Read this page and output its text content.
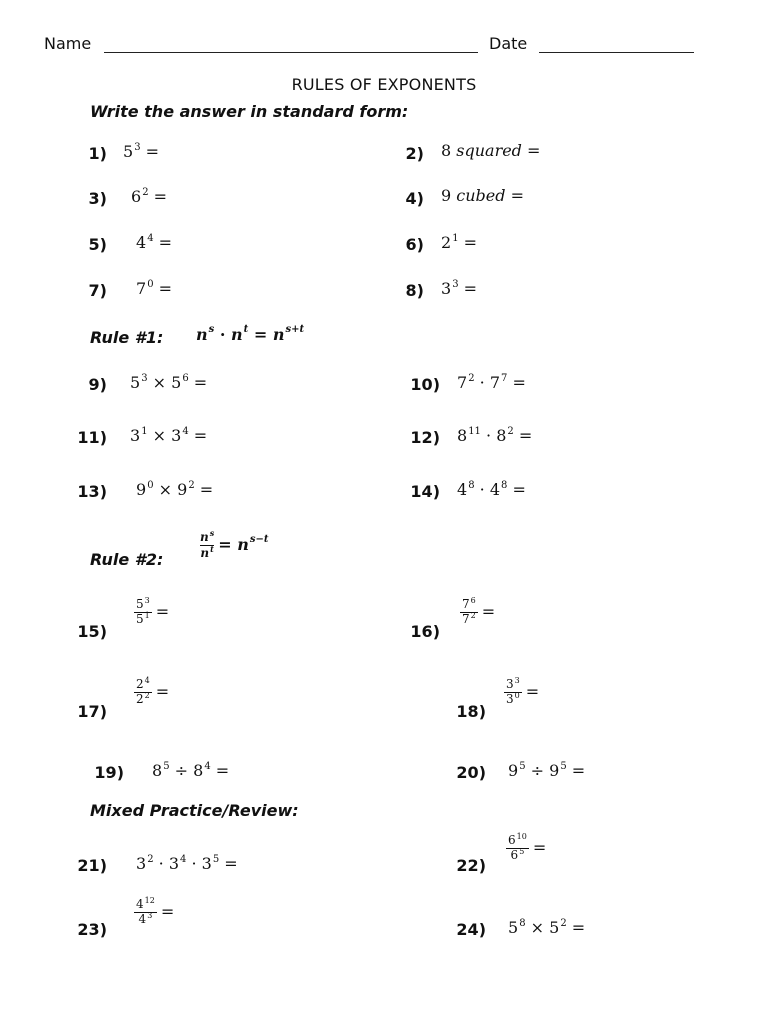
Name	Date
RULES OF EXPONENTS
Write the answer in standard form:
1) $5^3$ =	2) 8 squared =
3) $6^2$ =	4) 9 cubed =
5) $4^4$ =	6) $2^1$ =
7) $7^0$ =	8) $3^3$ =
Rule #1: $n^s \cdot n^t = n^{s+t}$
9) $5^3 \times 5^6$ =	10) $7^2 \cdot 7^7$ =
11) $3^1 \times 3^4$ =	12) $8^{11} \cdot 8^2$ =
13) $9^0 \times 9^2$ =	14) $4^8 \cdot 4^8$ =
Rule #2:	$\frac{n^s}{n^t} = n^{s-t}$
15)
$\frac{5^3}{5^1}$ =
16)
$\frac{7^6}{7^2}$ =
17)
$\frac{2^4}{2^2}$ =
18)
$\frac{3^3}{3^0}$ =
19) $8^5 \div 8^4$ =	20) $9^5 \div 9^5$ =
Mixed Practice/Review:
21) $3^2 \cdot 3^4 \cdot 3^5$ =	22)
$\frac{6^{10}}{6^5}$ =
23)
$\frac{4^{12}}{4^3}$ =
24) $5^8 \times 5^2$ =
